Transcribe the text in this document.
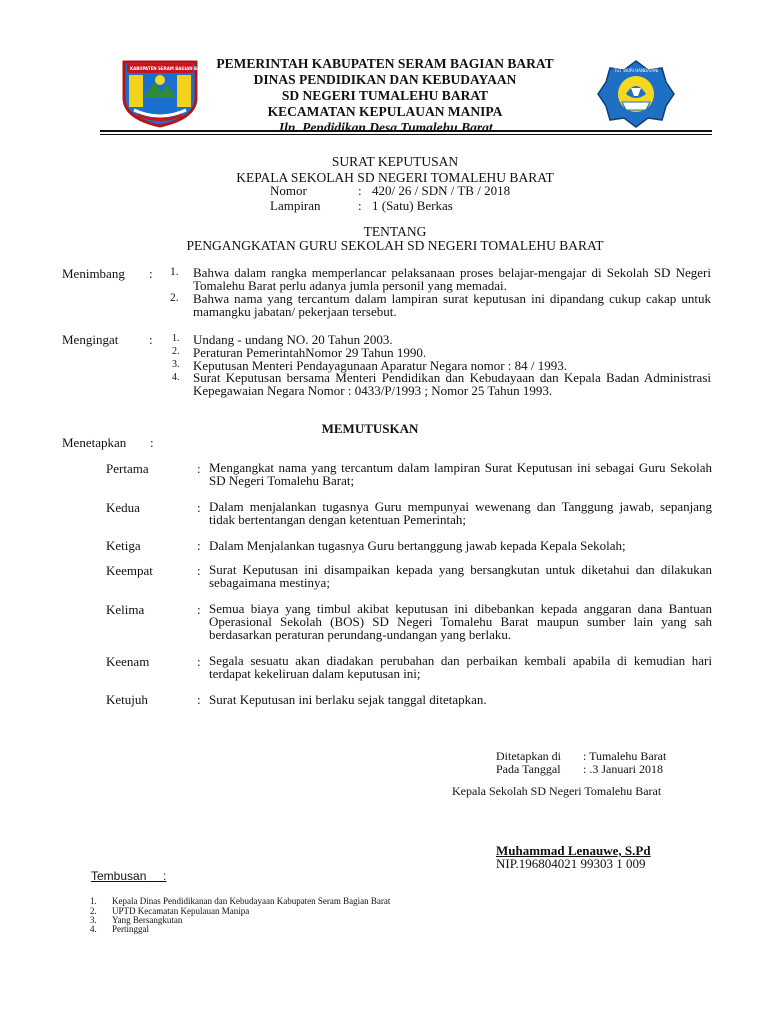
KABUPATEN SERAM BAGIAN BARAT	TUT WURI HANDAYANI
PEMERINTAH KABUPATEN SERAM BAGIAN BARAT
DINAS PENDIDIKAN DAN KEBUDAYAAN
SD NEGERI TUMALEHU BARAT
KECAMATAN KEPULAUAN MANIPA
Jln. Pendidikan Desa Tumalehu Barat
SURAT KEPUTUSAN
KEPALA SEKOLAH SD NEGERI TOMALEHU BARAT
Nomor	: 420/ 26 / SDN / TB / 2018
Lampiran	: 1 (Satu) Berkas
TENTANG
PENGANGKATAN GURU SEKOLAH SD NEGERI TOMALEHU BARAT
Menimbang : 1. Bahwa dalam rangka memperlancar pelaksanaan proses belajar-mengajar di Sekolah SD Negeri Tomalehu Barat perlu adanya jumla personil yang memadai.
2. Bahwa nama yang tercantum dalam lampiran surat keputusan ini dipandang cukup cakap untuk mamangku jabatan/ pekerjaan tersebut.
Mengingat : 1. Undang - undang NO. 20 Tahun 2003.
2. Peraturan PemerintahNomor 29 Tahun 1990.
3. Keputusan Menteri Pendayagunaan Aparatur Negara nomor : 84 / 1993.
4. Surat Keputusan bersama Menteri Pendidikan dan Kebudayaan dan Kepala Badan Administrasi Kepegawaian Negara Nomor : 0433/P/1993 ; Nomor 25 Tahun 1993.
MEMUTUSKAN
Menetapkan :
Pertama	: Mengangkat nama yang tercantum dalam lampiran Surat Keputusan ini sebagai Guru Sekolah SD Negeri Tomalehu Barat;
Kedua	: Dalam menjalankan tugasnya Guru mempunyai wewenang dan Tanggung jawab, sepanjang tidak bertentangan dengan ketentuan Pemerintah;
Ketiga	: Dalam Menjalankan tugasnya Guru bertanggung jawab kepada Kepala Sekolah;
Keempat	: Surat Keputusan ini disampaikan kepada yang bersangkutan untuk diketahui dan dilakukan sebagaimana mestinya;
Kelima	: Semua biaya yang timbul akibat keputusan ini dibebankan kepada anggaran dana Bantuan Operasional Sekolah (BOS) SD Negeri Tomalehu Barat maupun sumber lain yang sah berdasarkan peraturan perundang-undangan yang berlaku.
Keenam	: Segala sesuatu akan diadakan perubahan dan perbaikan kembali apabila di kemudian hari terdapat kekeliruan dalam keputusan ini;
Ketujuh	: Surat Keputusan ini berlaku sejak tanggal ditetapkan.
Ditetapkan di : Tumalehu Barat
Pada Tanggal : .3 Januari 2018
Kepala Sekolah SD Negeri Tomalehu Barat
Muhammad Lenauwe, S.Pd
NIP.196804021 99303 1 009
Tembusan :
1. Kepala Dinas Pendidikanan dan Kebudayaan Kabupaten Seram Bagian Barat
2. UPTD Kecamatan Kepulauan Manipa
3. Yang Bersangkutan
4. Pertinggal
